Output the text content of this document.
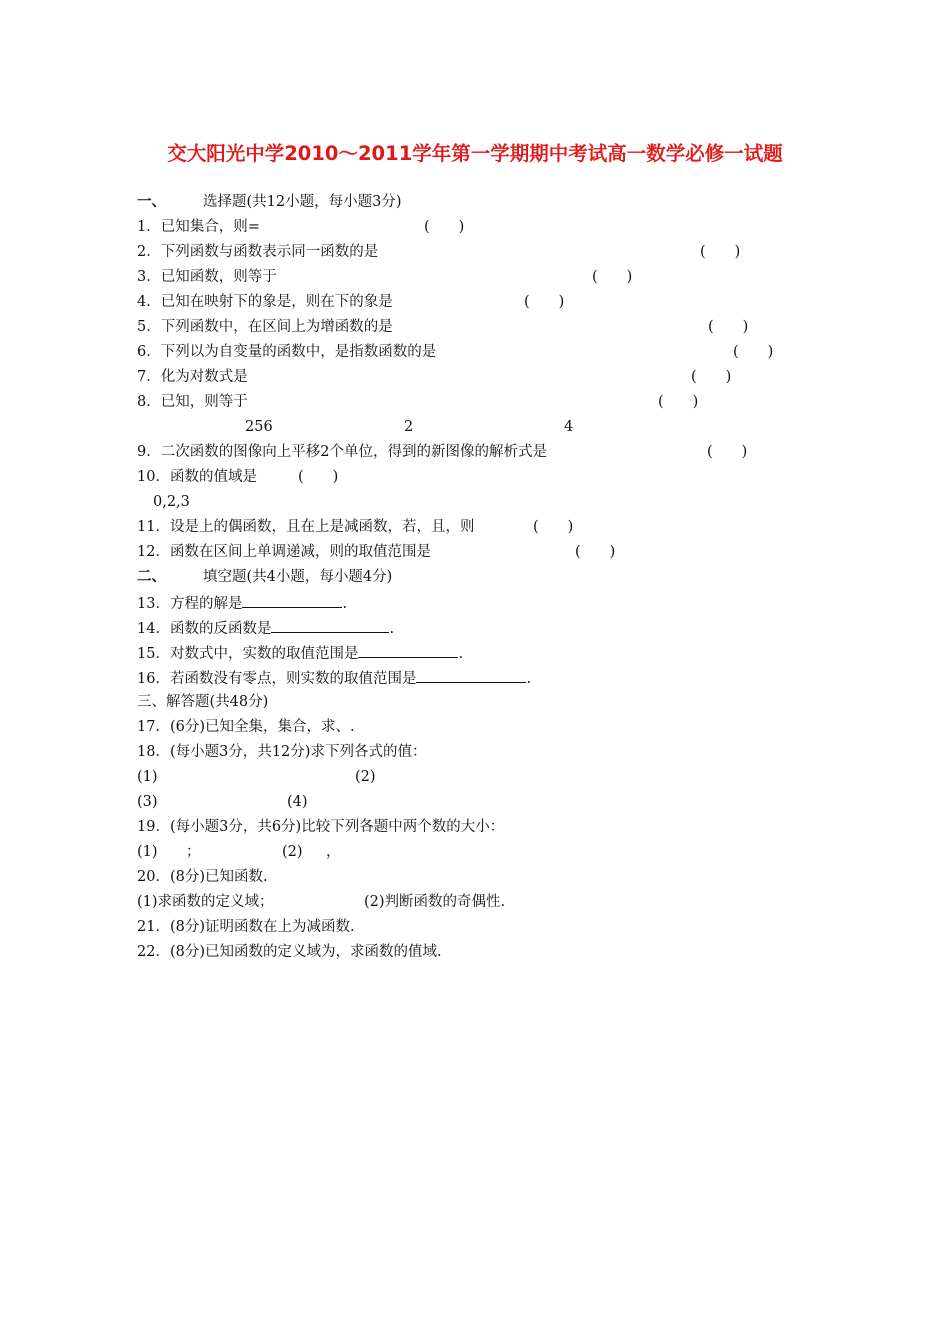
交大阳光中学2010～2011学年第一学期期中考试高一数学必修一试题
一、	选择题(共12小题，每小题3分)
1．已知集合，则=	(　　)
2．下列函数与函数表示同一函数的是	(　　)
3．已知函数，则等于	(　　)
4．已知在映射下的象是，则在下的象是	(　　)
5．下列函数中，在区间上为增函数的是	(　　)
6．下列以为自变量的函数中，是指数函数的是	(　　)
7．化为对数式是	(　　)
8．已知，则等于	(　　)
256	2	4
9．二次函数的图像向上平移2个单位，得到的新图像的解析式是	(　　)
10．函数的值域是	(　　)
0,2,3
11．设是上的偶函数，且在上是减函数，若，且，则	(　　)
12．函数在区间上单调递减，则的取值范围是	(　　)
二、	填空题(共4小题，每小题4分)
13．方程的解是	.
14．函数的反函数是	.
15．对数式中，实数的取值范围是	.
16．若函数没有零点，则实数的取值范围是	.
三、解答题(共48分)
17．(6分)已知全集，集合，求、.
18．(每小题3分，共12分)求下列各式的值：
(1)	(2)
(3)	(4)
19．(每小题3分，共6分)比较下列各题中两个数的大小：
(1) ；	(2) ，
20．(8分)已知函数.
(1)求函数的定义域；	(2)判断函数的奇偶性.
21．(8分)证明函数在上为减函数.
22．(8分)已知函数的定义域为，求函数的值域.
